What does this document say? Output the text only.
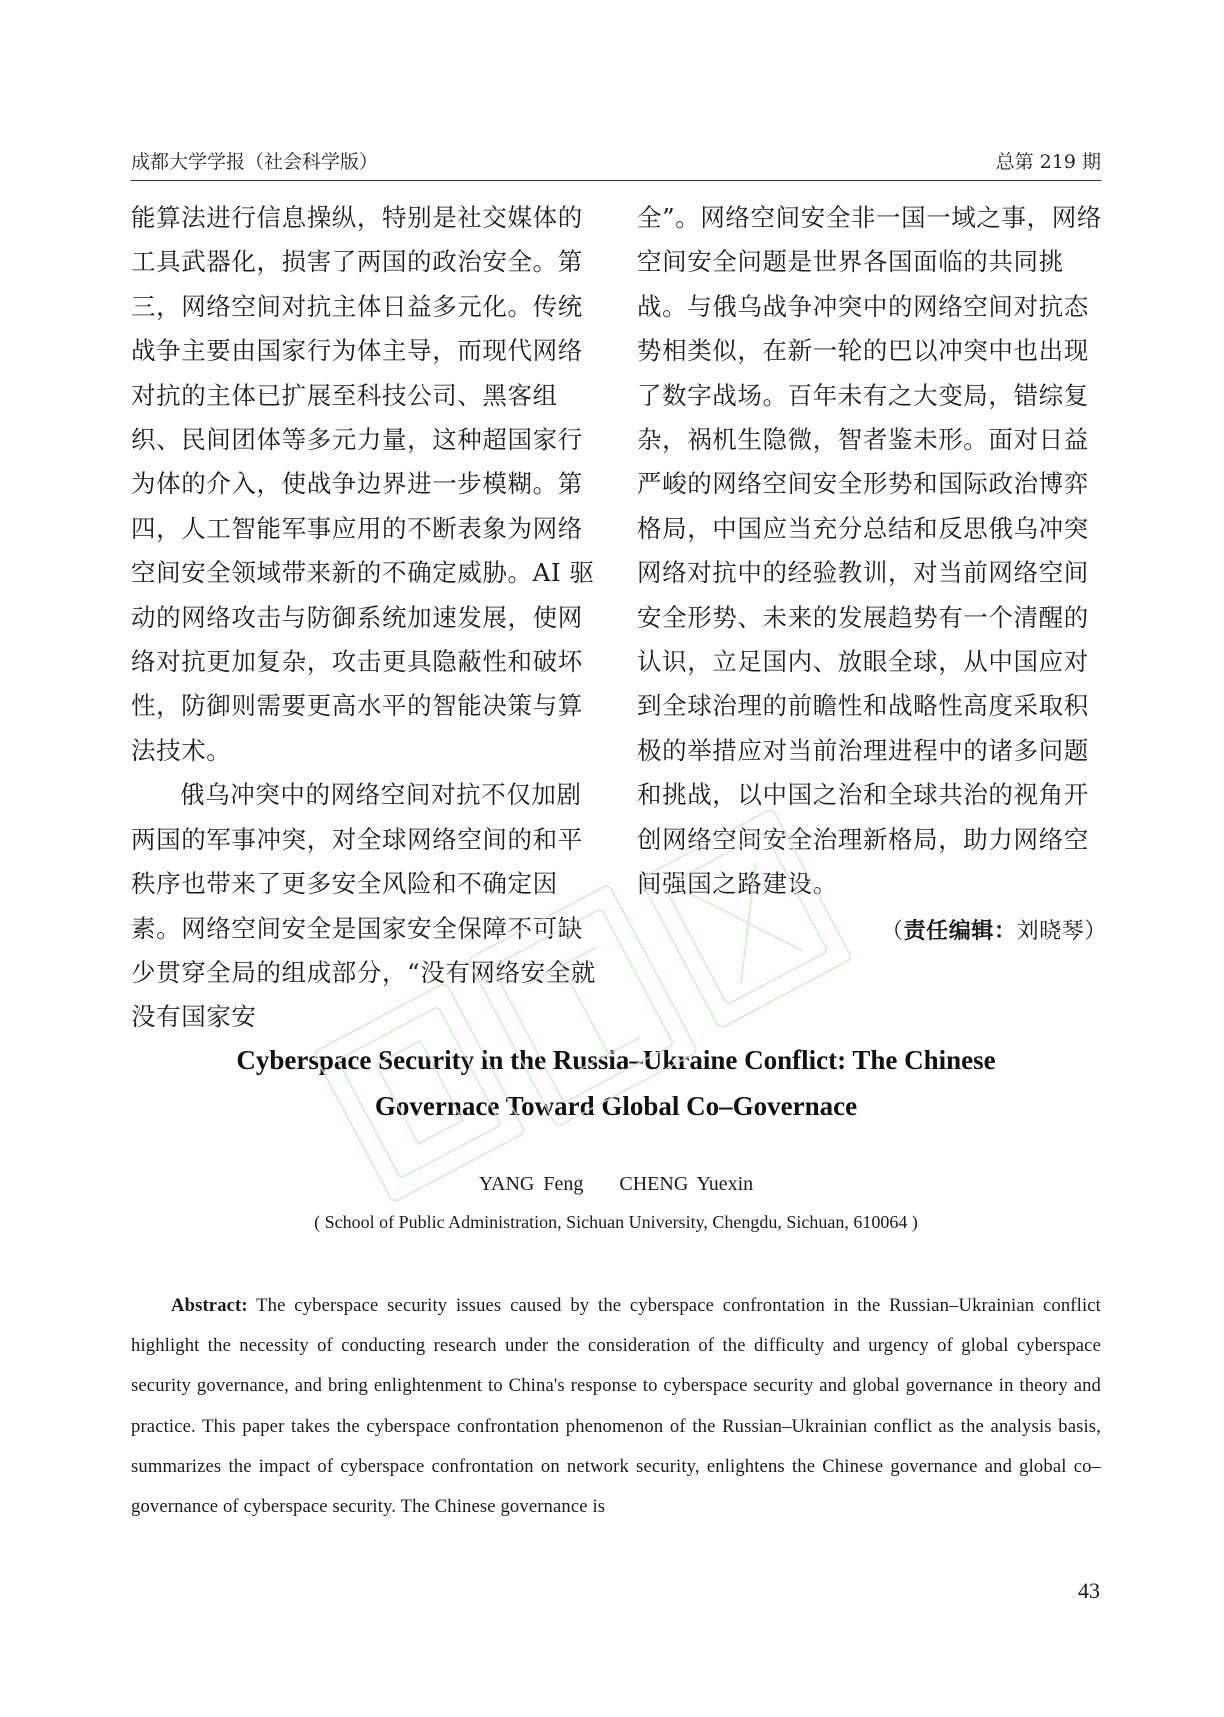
成都大学学报（社会科学版）	总第 219 期

能算法进行信息操纵，特别是社交媒体的工具武器化，损害了两国的政治安全。第三，网络空间对抗主体日益多元化。传统战争主要由国家行为体主导，而现代网络对抗的主体已扩展至科技公司、黑客组织、民间团体等多元力量，这种超国家行为体的介入，使战争边界进一步模糊。第四，人工智能军事应用的不断表象为网络空间安全领域带来新的不确定威胁。AI 驱动的网络攻击与防御系统加速发展，使网络对抗更加复杂，攻击更具隐蔽性和破坏性，防御则需要更高水平的智能决策与算法技术。

俄乌冲突中的网络空间对抗不仅加剧两国的军事冲突，对全球网络空间的和平秩序也带来了更多安全风险和不确定因素。网络空间安全是国家安全保障不可缺少贯穿全局的组成部分，“没有网络安全就没有国家安

全”。网络空间安全非一国一域之事，网络空间安全问题是世界各国面临的共同挑战。与俄乌战争冲突中的网络空间对抗态势相类似，在新一轮的巴以冲突中也出现了数字战场。百年未有之大变局，错综复杂，祸机生隐微，智者鉴未形。面对日益严峻的网络空间安全形势和国际政治博弈格局，中国应当充分总结和反思俄乌冲突网络对抗中的经验教训，对当前网络空间安全形势、未来的发展趋势有一个清醒的认识，立足国内、放眼全球，从中国应对到全球治理的前瞻性和战略性高度采取积极的举措应对当前治理进程中的诸多问题和挑战，以中国之治和全球共治的视角开创网络空间安全治理新格局，助力网络空间强国之路建设。

（责任编辑：刘晓琴）

Cyberspace Security in the Russia–Ukraine Conflict: The Chinese
Governace Toward Global Co–Governace
YANG Feng    CHENG Yuexin
( School of Public Administration, Sichuan University, Chengdu, Sichuan, 610064 )

Abstract: The cyberspace security issues caused by the cyberspace confrontation in the Russian–Ukrainian conflict highlight the necessity of conducting research under the consideration of the difficulty and urgency of global cyberspace security governance, and bring enlightenment to China's response to cyberspace security and global governance in theory and practice. This paper takes the cyberspace confrontation phenomenon of the Russian–Ukrainian conflict as the analysis basis, summarizes the impact of cyberspace confrontation on network security, enlightens the Chinese governance and global co–governance of cyberspace security. The Chinese governance is

43
